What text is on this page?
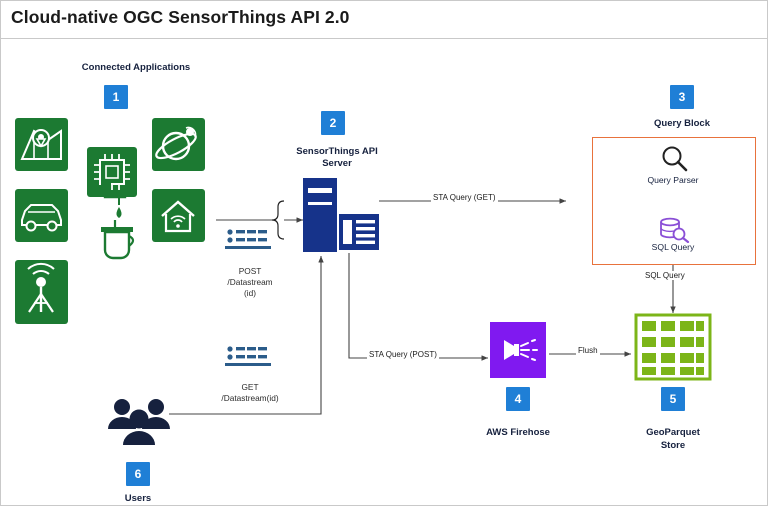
Cloud-native OGC SensorThings API 2.0
Connected Applications
1
POST
/Datastream
(id)
GET
/Datastream(id)
2
SensorThings API
Server
3
Query Block
Query Parser
SQL Query
4
AWS Firehose
5
GeoParquet
Store
6
Users
STA Query (GET)
STA Query (POST)	Flush
SQL Query
